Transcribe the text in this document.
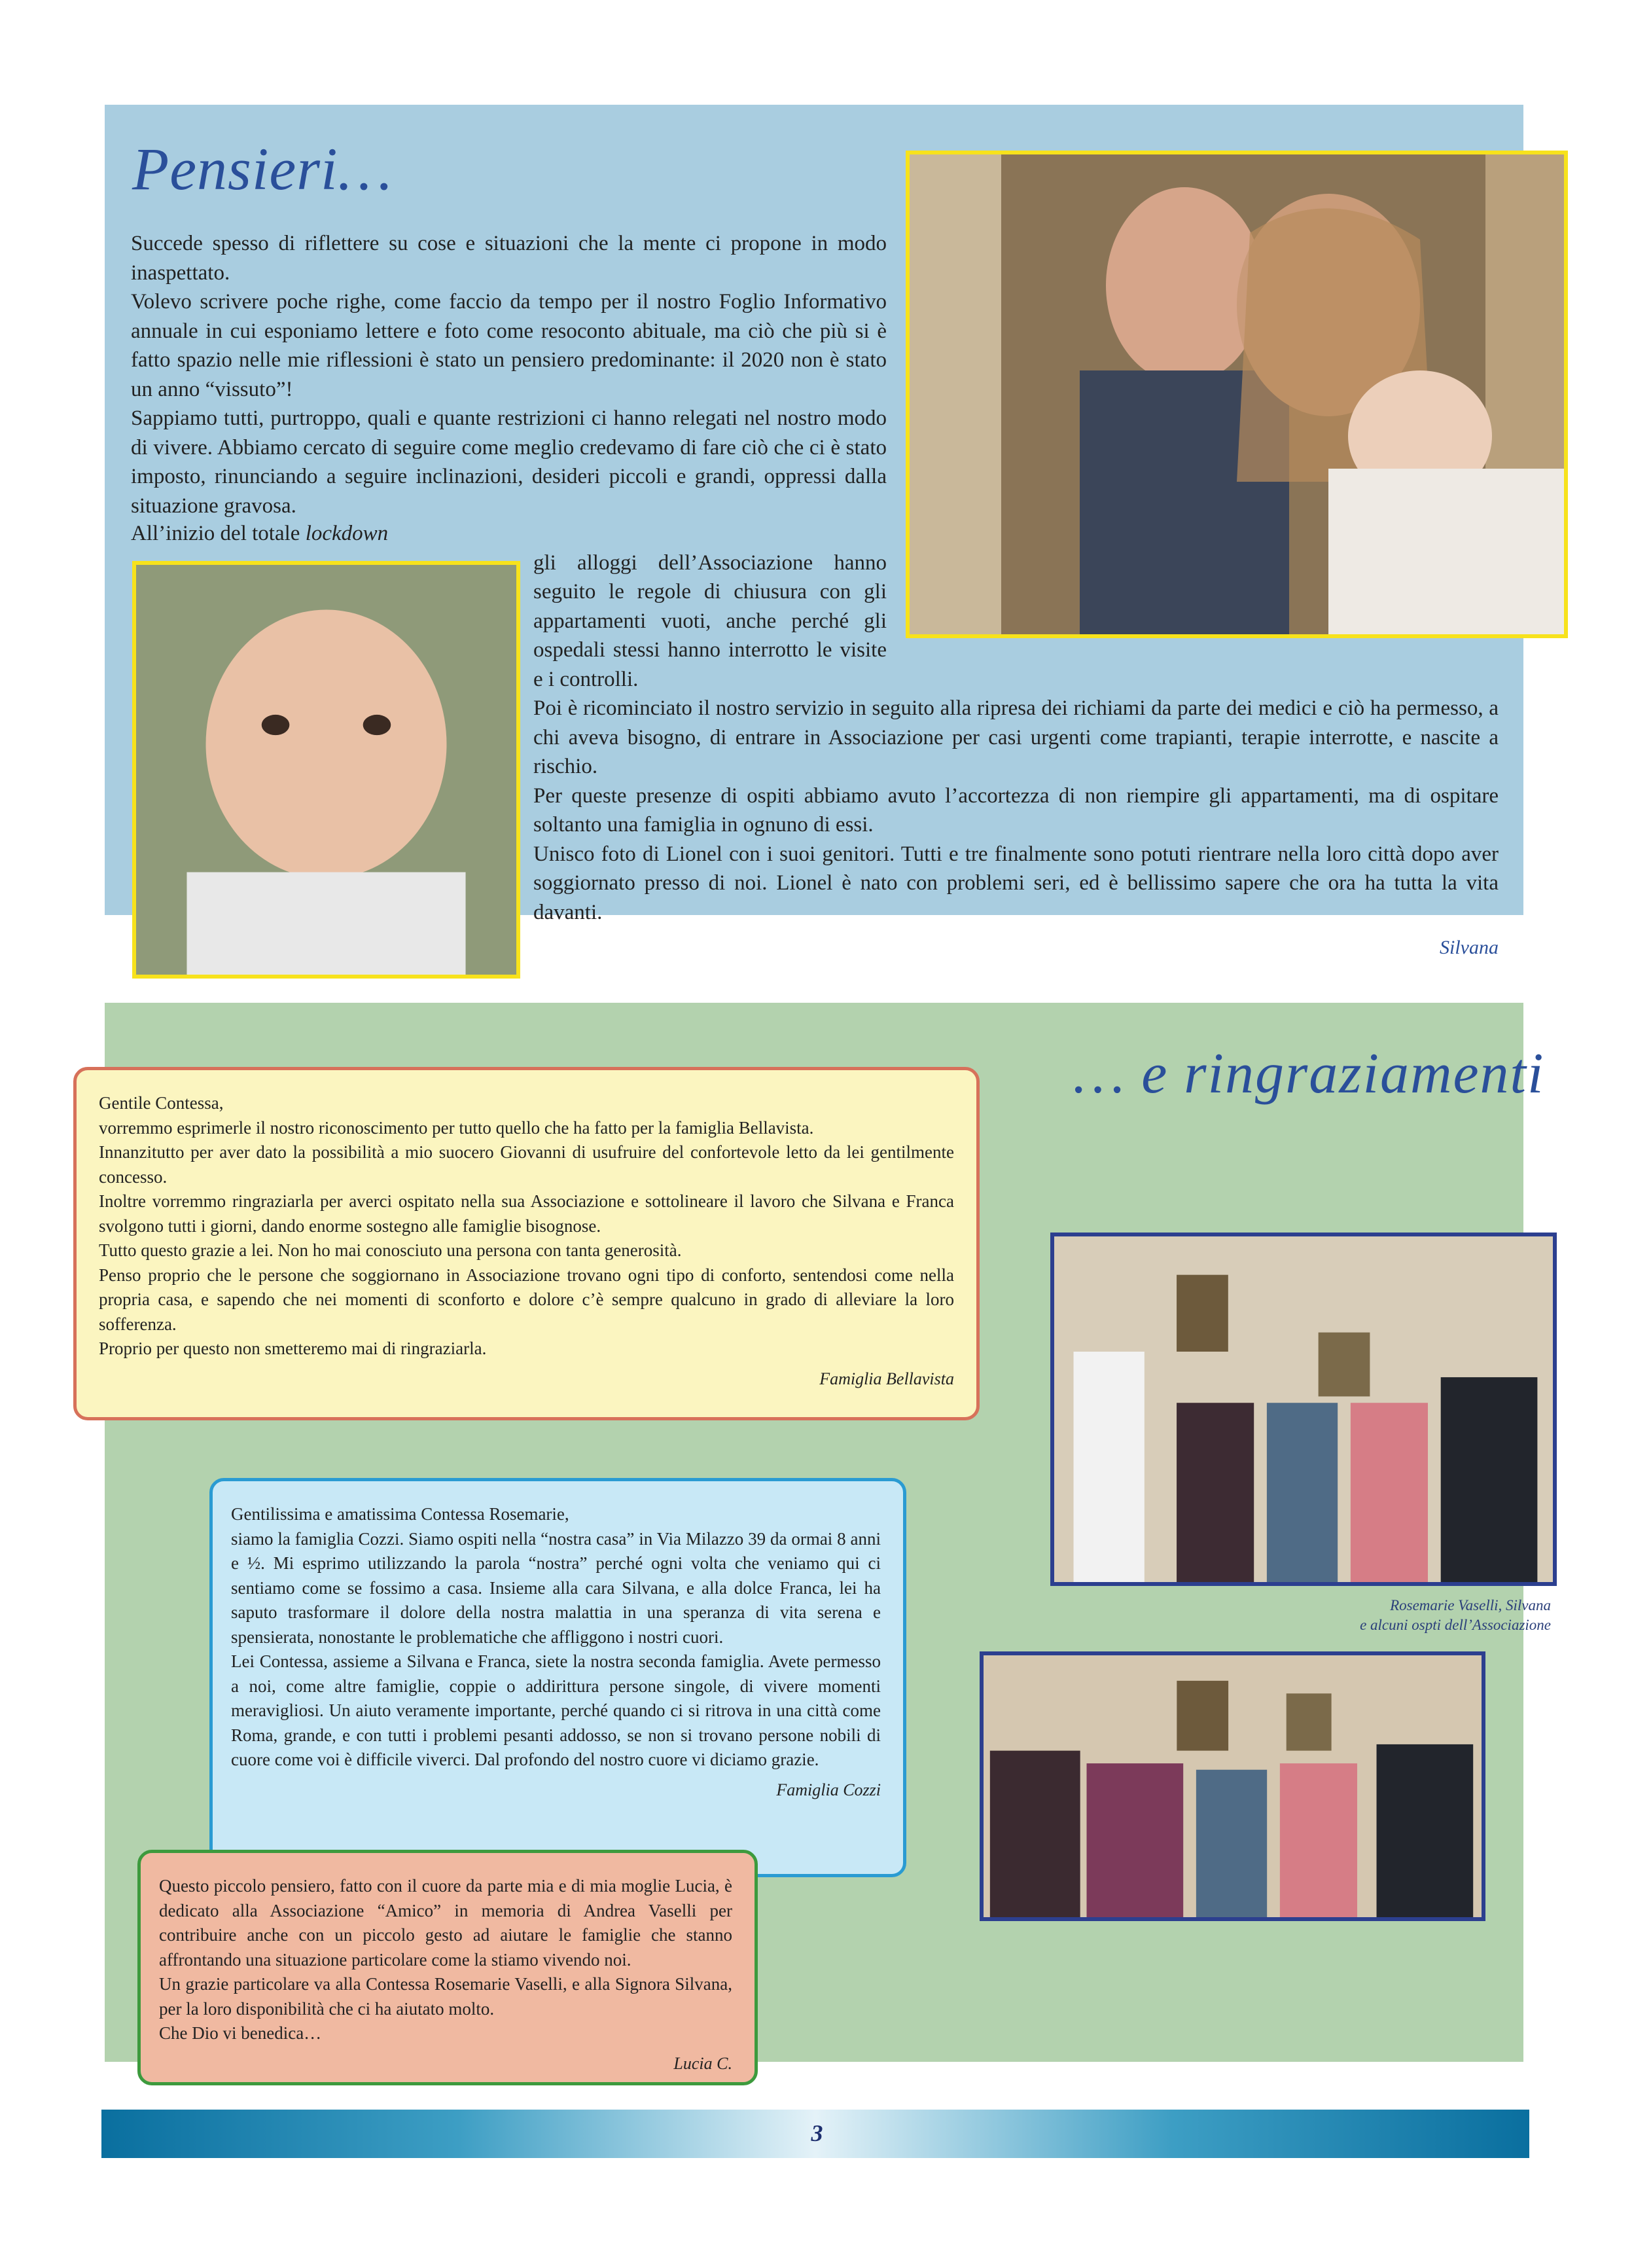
Pensieri…

Succede spesso di riflettere su cose e situazioni che la mente ci propone in modo inaspettato.

Volevo scrivere poche righe, come faccio da tempo per il nostro Foglio Informativo annuale in cui esponiamo lettere e foto come resoconto abituale, ma ciò che più si è fatto spazio nelle mie riflessioni è stato un pensiero predominante: il 2020 non è stato un anno “vissuto”!

Sappiamo tutti, purtroppo, quali e quante restrizioni ci hanno relegati nel nostro modo di vivere. Abbiamo cercato di seguire come meglio credevamo di fare ciò che ci è stato imposto, rinunciando a seguire inclinazioni, desideri piccoli e grandi, oppressi dalla situazione gravosa.

All’inizio del totale lockdown

gli alloggi dell’Associazione hanno seguito le regole di chiusura con gli appartamenti vuoti, anche perché gli ospedali stessi hanno interrotto le visite e i controlli.

Poi è ricominciato il nostro servizio in seguito alla ripresa dei richiami da parte dei medici e ciò ha permesso, a chi aveva bisogno, di entrare in Associazione per casi urgenti come trapianti, terapie interrotte, e nascite a rischio.

Per queste presenze di ospiti abbiamo avuto l’accortezza di non riempire gli appartamenti, ma di ospitare soltanto una famiglia in ognuno di essi.

Unisco foto di Lionel con i suoi genitori. Tutti e tre finalmente sono potuti rientrare nella loro città dopo aver soggiornato presso di noi. Lionel è nato con problemi seri, ed è bellissimo sapere che ora ha tutta la vita davanti.

Silvana

… e ringraziamenti

Gentile Contessa,

vorremmo esprimerle il nostro riconoscimento per tutto quello che ha fatto per la famiglia Bellavista.

Innanzitutto per aver dato la possibilità a mio suocero Giovanni di usufruire del confortevole letto da lei gentilmente concesso.

Inoltre vorremmo ringraziarla per averci ospitato nella sua Associazione e sottolineare il lavoro che Silvana e Franca svolgono tutti i giorni, dando enorme sostegno alle famiglie bisognose.

Tutto questo grazie a lei. Non ho mai conosciuto una persona con tanta generosità.

Penso proprio che le persone che soggiornano in Associazione trovano ogni tipo di conforto, sentendosi come nella propria casa, e sapendo che nei momenti di sconforto e dolore c’è sempre qualcuno in grado di alleviare la loro sofferenza.

Proprio per questo non smetteremo mai di ringraziarla.

Famiglia Bellavista

Rosemarie Vaselli, Silvana
e alcuni ospti dell’Associazione

Gentilissima e amatissima Contessa Rosemarie,

siamo la famiglia Cozzi. Siamo ospiti nella “nostra casa” in Via Milazzo 39 da ormai 8 anni e ½. Mi esprimo utilizzando la parola “nostra” perché ogni volta che veniamo qui ci sentiamo come se fossimo a casa. Insieme alla cara Silvana, e alla dolce Franca, lei ha saputo trasformare il dolore della nostra malattia in una speranza di vita serena e spensierata, nonostante le problematiche che affliggono i nostri cuori.

Lei Contessa, assieme a Silvana e Franca, siete la nostra seconda famiglia. Avete permesso a noi, come altre famiglie, coppie o addirittura persone singole, di vivere momenti meravigliosi. Un aiuto veramente importante, perché quando ci si ritrova in una città come Roma, grande, e con tutti i problemi pesanti addosso, se non si trovano persone nobili di cuore come voi è difficile viverci. Dal profondo del nostro cuore vi diciamo grazie.

Famiglia Cozzi

Questo piccolo pensiero, fatto con il cuore da parte mia e di mia moglie Lucia, è dedicato alla Associazione “Amico” in memoria di Andrea Vaselli per contribuire anche con un piccolo gesto ad aiutare le famiglie che stanno affrontando una situazione particolare come la stiamo vivendo noi.

Un grazie particolare va alla Contessa Rosemarie Vaselli, e alla Signora Silvana, per la loro disponibilità che ci ha aiutato molto.

Che Dio vi benedica…

Lucia C.

3
